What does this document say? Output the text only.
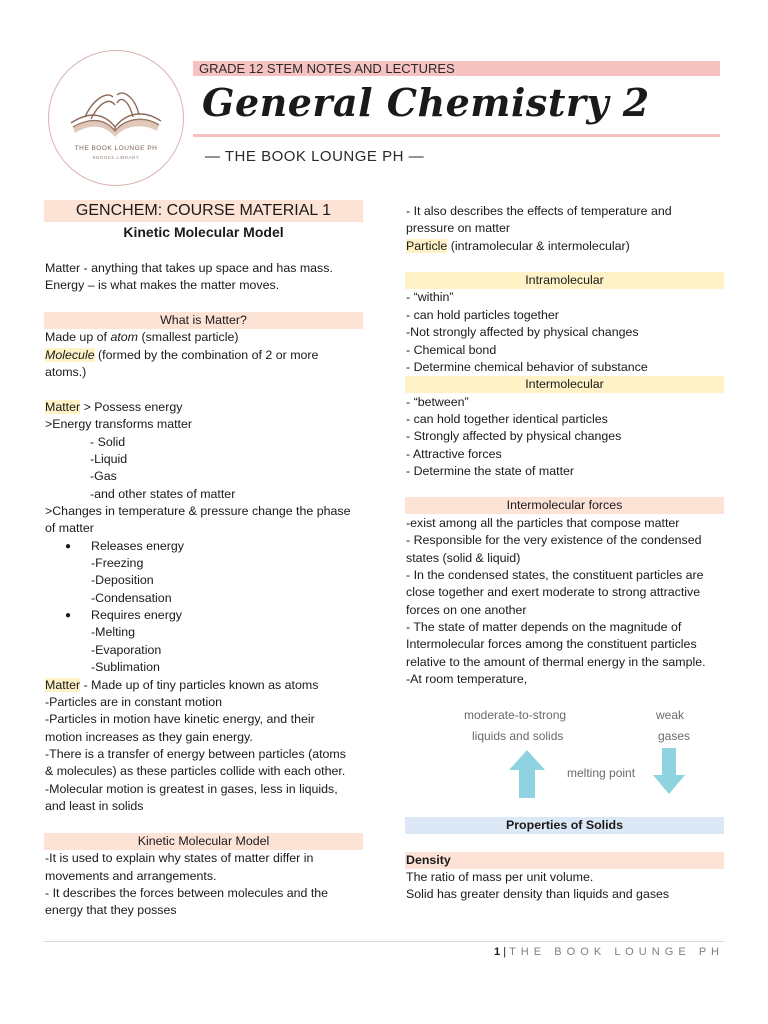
THE BOOK LOUNGE PH
EBOOKS.LIBRARY
GRADE 12 STEM NOTES AND LECTURES
General Chemistry 2
— THE BOOK LOUNGE PH —
GENCHEM: COURSE MATERIAL 1
Kinetic Molecular Model
Matter - anything that takes up space and has mass.
Energy – is what makes the matter moves.
What is Matter?
Made up of atom (smallest particle)
Molecule (formed by the combination of 2 or more
atoms.)
Matter > Possess energy
>Energy transforms matter
- Solid
-Liquid
-Gas
-and other states of matter
>Changes in temperature & pressure change the phase
of matter
● Releases energy
-Freezing
-Deposition
-Condensation
● Requires energy
-Melting
-Evaporation
-Sublimation
Matter - Made up of tiny particles known as atoms
-Particles are in constant motion
-Particles in motion have kinetic energy, and their
motion increases as they gain energy.
-There is a transfer of energy between particles (atoms
& molecules) as these particles collide with each other.
-Molecular motion is greatest in gases, less in liquids,
and least in solids
Kinetic Molecular Model
-It is used to explain why states of matter differ in
movements and arrangements.
- It describes the forces between molecules and the
energy that they posses
- It also describes the effects of temperature and
pressure on matter
Particle (intramolecular & intermolecular)
Intramolecular
- “within”
- can hold particles together
-Not strongly affected by physical changes
- Chemical bond
- Determine chemical behavior of substance
Intermolecular
- “between”
- can hold together identical particles
- Strongly affected by physical changes
- Attractive forces
- Determine the state of matter
Intermolecular forces
-exist among all the particles that compose matter
- Responsible for the very existence of the condensed
states (solid & liquid)
- In the condensed states, the constituent particles are
close together and exert moderate to strong attractive
forces on one another
- The state of matter depends on the magnitude of
Intermolecular forces among the constituent particles
relative to the amount of thermal energy in the sample.
-At room temperature,
moderate-to-strong
liquids and solids
weak
gases
melting point
Properties of Solids
Density
The ratio of mass per unit volume.
Solid has greater density than liquids and gases
1 | T H E   B O O K   L O U N G E   P H
